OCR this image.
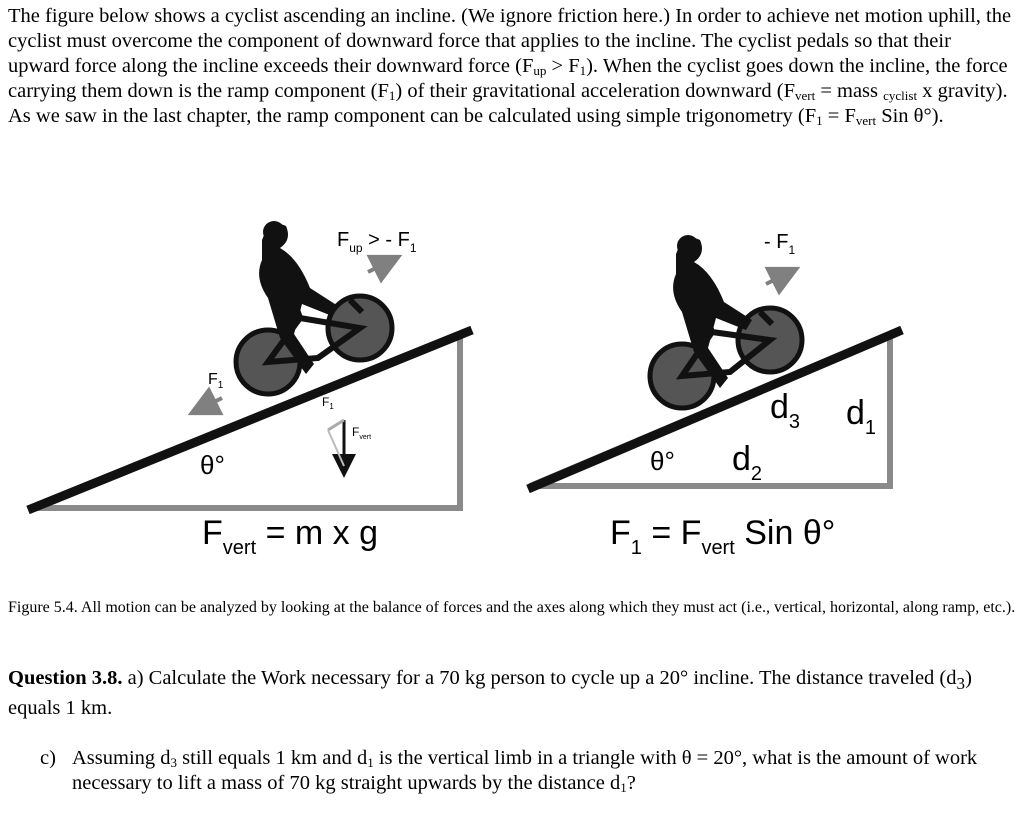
The figure below shows a cyclist ascending an incline. (We ignore friction here.) In order to achieve net motion uphill, the cyclist must overcome the component of downward force that applies to the incline. The cyclist pedals so that their upward force along the incline exceeds their downward force $(F_{up} > F_1)$. When the cyclist goes down the incline, the force carrying them down is the ramp component $(F_1)$ of their gravitational acceleration downward ($F_{vert}$ = mass $_{cyclist}$ x gravity). As we saw in the last chapter, the ramp component can be calculated using simple trigonometry ($F_1 = F_{vert}$ Sin θ°).

$F_{up}$ > - $F_1$
$F_1$
$F_1$
$F_{vert}$
θ°
$F_{vert} = m$ x g
- $F_1$
$d_3$ $d_1$
$d_2$
θ°
$F_1 = F_{vert}$ Sin θ°

Figure 5.4. All motion can be analyzed by looking at the balance of forces and the axes along which they must act (i.e., vertical, horizontal, along ramp, etc.).

Question 3.8. a) Calculate the Work necessary for a 70 kg person to cycle up a 20° incline. The distance traveled $(d_3)$ equals 1 km.

c) Assuming $d_3$ still equals 1 km and $d_1$ is the vertical limb in a triangle with θ = 20°, what is the amount of work necessary to lift a mass of 70 kg straight upwards by the distance $d_1$?
